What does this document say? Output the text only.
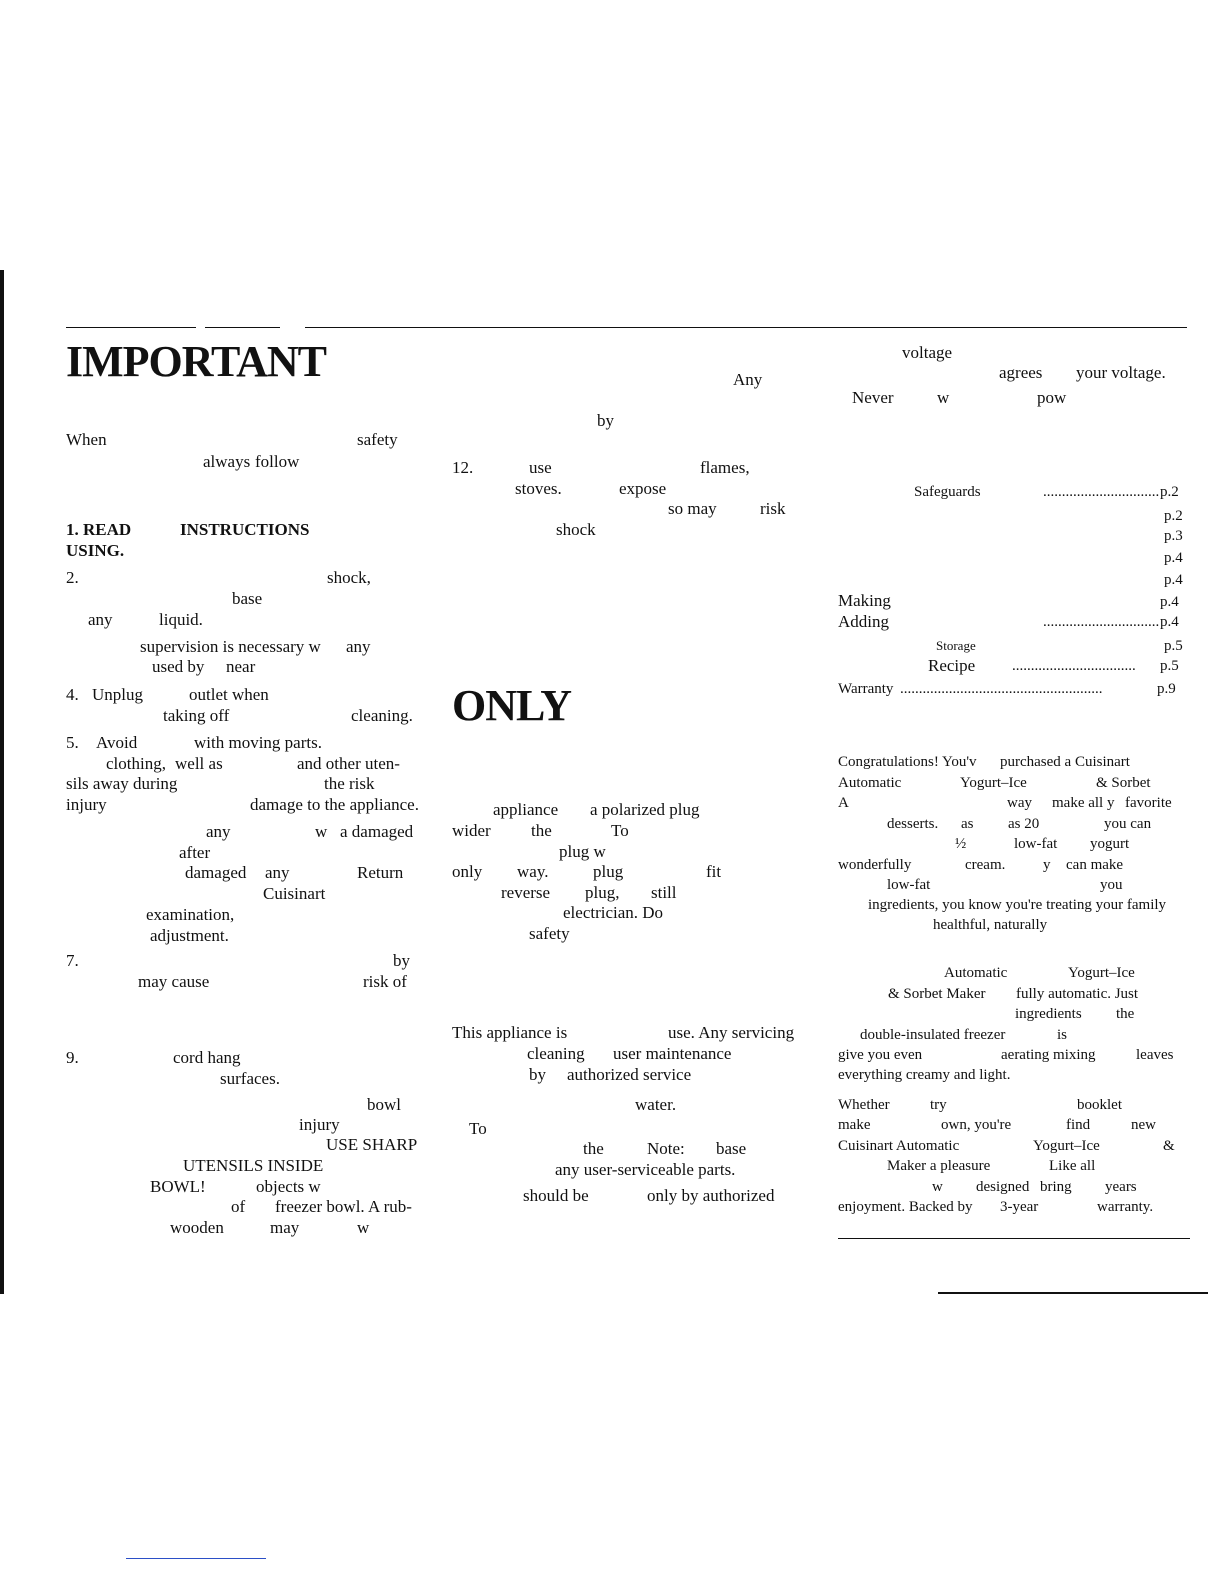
IMPORTANT
ONLY
When	safety
always follow
1. READ	INSTRUCTIONS
USING.
2.	shock,
base
any	liquid.
supervision is necessary w any
used by near
4. Unplug	outlet when
taking off	cleaning.
5. Avoid	with moving parts.
clothing, well as	and other uten-
sils away during	the risk
injury	damage to the appliance.
any	w a damaged
after
damaged any	Return
Cuisinart
examination,
adjustment.
7.	by
may cause	risk of
9.	cord hang
surfaces.
bowl
injury
USE SHARP
UTENSILS INSIDE
BOWL!	objects w
of freezer bowl. A rub-
wooden	may	w
Any
by
12.	use	flames,
stoves.	expose
so may	risk
shock
appliance a polarized plug
wider the	To
plug w
only way.	plug	fit
reverse plug, still
electrician. Do
safety
This appliance is	use. Any servicing
cleaning user maintenance
by authorized service
water.
To
the	Note: base
any user-serviceable parts.
should be	only by authorized
voltage
agrees your voltage.
Never	w	pow
Safeguards	............................... p.2
p.2
p.3
p.4
p.4
Making	p.4
Adding	............................... p.4
Storage	p.5
Recipe ................................. p.5
Warranty ......................................................	p.9
Congratulations! You'v purchased a Cuisinart
Automatic	Yogurt–Ice	& Sorbet
A	way make all y favorite
desserts. as as 20	you can
½	low-fat yogurt
wonderfully	cream.	y can make
low-fat	you
ingredients, you know you're treating your family
healthful, naturally
Automatic	Yogurt–Ice
& Sorbet Maker fully automatic. Just
ingredients the
double-insulated freezer	is
give you even	aerating mixing	leaves
everything creamy and light.
Whether	try	booklet
make	own, you're	find	new
Cuisinart Automatic	Yogurt–Ice	&
Maker a pleasure	Like all
w designed bring years
enjoyment. Backed by 3-year	warranty.
